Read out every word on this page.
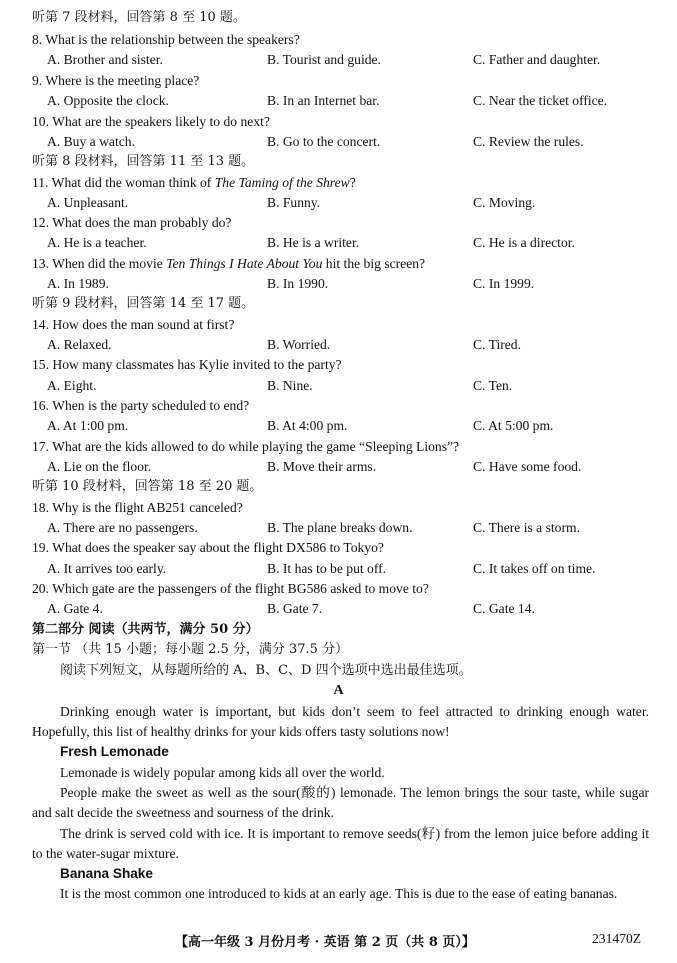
听第 7 段材料，回答第 8 至 10 题。
8. What is the relationship between the speakers?
A. Brother and sister.	B. Tourist and guide.	C. Father and daughter.
9. Where is the meeting place?
A. Opposite the clock.	B. In an Internet bar.	C. Near the ticket office.
10. What are the speakers likely to do next?
A. Buy a watch.	B. Go to the concert.	C. Review the rules.
听第 8 段材料，回答第 11 至 13 题。
11. What did the woman think of The Taming of the Shrew?
A. Unpleasant.	B. Funny.	C. Moving.
12. What does the man probably do?
A. He is a teacher.	B. He is a writer.	C. He is a director.
13. When did the movie Ten Things I Hate About You hit the big screen?
A. In 1989.	B. In 1990.	C. In 1999.
听第 9 段材料，回答第 14 至 17 题。
14. How does the man sound at first?
A. Relaxed.	B. Worried.	C. Tired.
15. How many classmates has Kylie invited to the party?
A. Eight.	B. Nine.	C. Ten.
16. When is the party scheduled to end?
A. At 1:00 pm.	B. At 4:00 pm.	C. At 5:00 pm.
17. What are the kids allowed to do while playing the game “Sleeping Lions”?
A. Lie on the floor.	B. Move their arms.	C. Have some food.
听第 10 段材料，回答第 18 至 20 题。
18. Why is the flight AB251 canceled?
A. There are no passengers.	B. The plane breaks down.	C. There is a storm.
19. What does the speaker say about the flight DX586 to Tokyo?
A. It arrives too early.	B. It has to be put off.	C. It takes off on time.
20. Which gate are the passengers of the flight BG586 asked to move to?
A. Gate 4.	B. Gate 7.	C. Gate 14.
第二部分 阅读（共两节，满分 50 分）
第一节 （共 15 小题；每小题 2.5 分，满分 37.5 分）
阅读下列短文，从每题所给的 A、B、C、D 四个选项中选出最佳选项。
A
Drinking enough water is important, but kids don’t seem to feel attracted to drinking enough water. Hopefully, this list of healthy drinks for your kids offers tasty solutions now!
Fresh Lemonade
Lemonade is widely popular among kids all over the world.
People make the sweet as well as the sour(酸的) lemonade. The lemon brings the sour taste, while sugar and salt decide the sweetness and sourness of the drink.
The drink is served cold with ice. It is important to remove seeds(籽) from the lemon juice before adding it to the water-sugar mixture.
Banana Shake
It is the most common one introduced to kids at an early age. This is due to the ease of eating bananas.
【高一年级 3 月份月考 · 英语 第 2 页（共 8 页）】	231470Z
